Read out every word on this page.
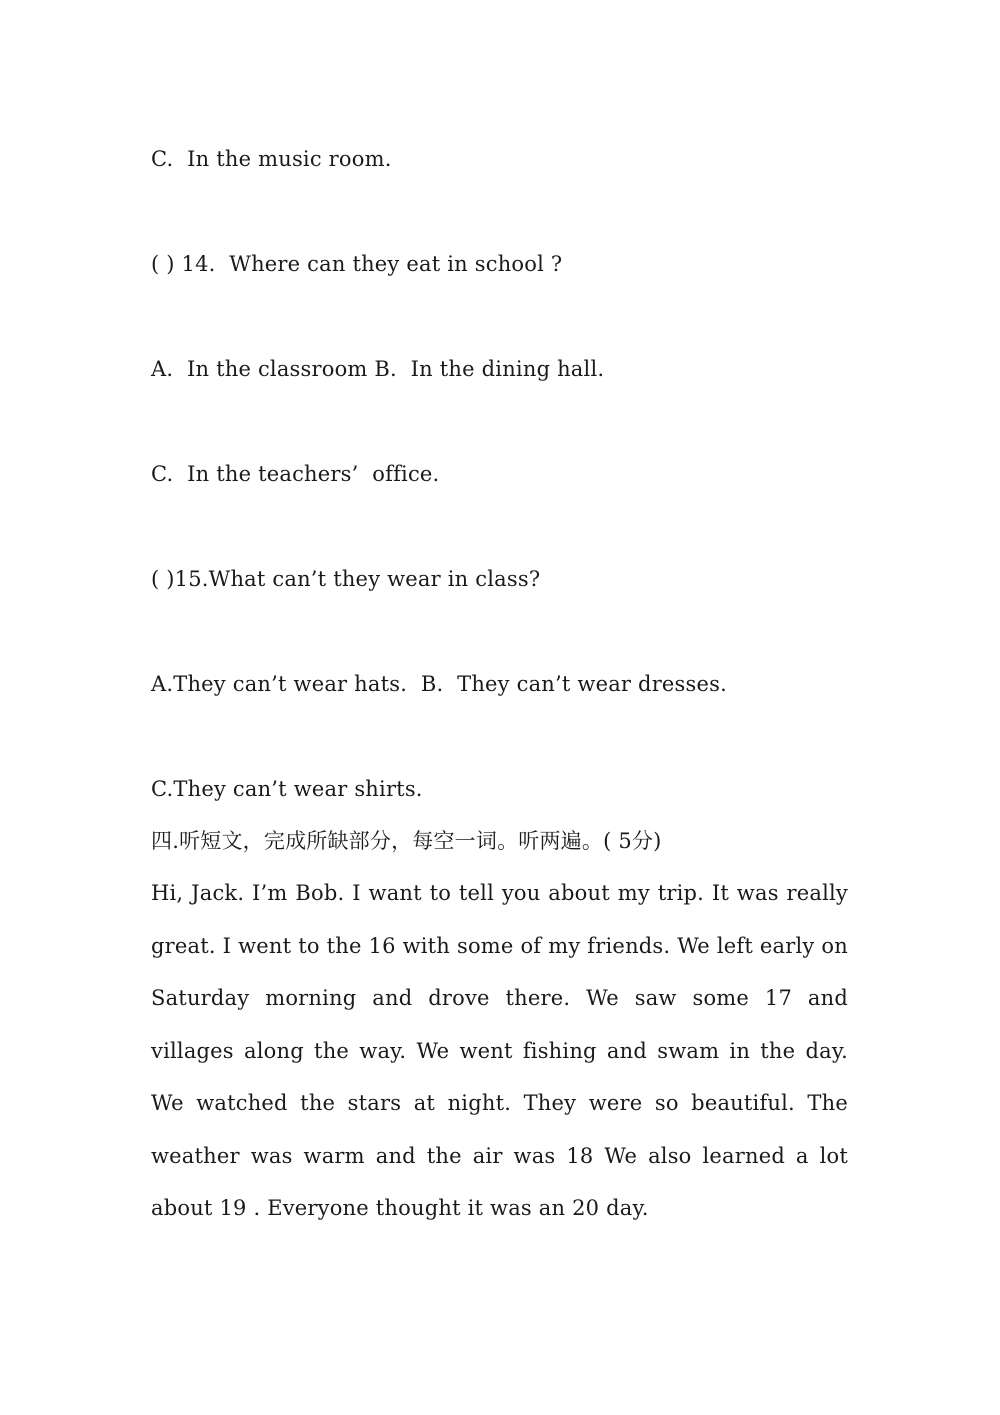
C.  In the music room.
( ) 14.  Where can they eat in school ?
A.  In the classroom B.  In the dining hall.
C.  In the teachers’  office.
( )15.What can’t they wear in class?
A.They can’t wear hats.  B.  They can’t wear dresses.
C.They can’t wear shirts.
四.听短文，完成所缺部分，每空一词。听两遍。( 5分)
Hi, Jack. I’m Bob. I want to tell you about my trip. It was really great. I went to the 16 with some of my friends. We left early on Saturday morning and drove there. We saw some 17 and villages along the way. We went fishing and swam in the day. We watched the stars at night. They were so beautiful. The weather was warm and the air was 18 We also learned a lot about 19 . Everyone thought it was an 20 day.
